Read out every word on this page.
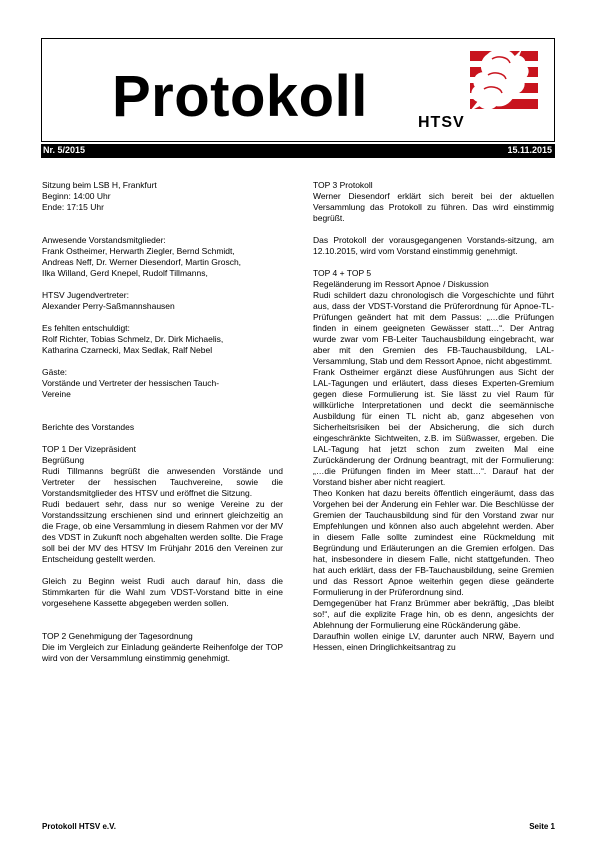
Protokoll	HTSV
Nr. 5/2015	15.11.2015

Sitzung beim LSB H, Frankfurt

Beginn: 14:00 Uhr

Ende: 17:15 Uhr

Anwesende Vorstandsmitglieder:

Frank Ostheimer, Herwarth Ziegler, Bernd Schmidt,

Andreas Neff, Dr. Werner Diesendorf, Martin Grosch,

Ilka Willand, Gerd Knepel, Rudolf Tillmanns,

HTSV Jugendvertreter:

Alexander Perry-Saßmannshausen

Es fehlten entschuldigt:

Rolf Richter, Tobias Schmelz, Dr. Dirk Michaelis,

Katharina Czarnecki, Max Sedlak, Ralf Nebel

Gäste:

Vorstände und Vertreter der hessischen Tauch-

Vereine

Berichte des Vorstandes

TOP 1 Der Vizepräsident

Begrüßung

Rudi Tillmanns begrüßt die anwesenden Vorstände und Vertreter der hessischen Tauchvereine, sowie die Vorstandsmitglieder des HTSV und eröffnet die Sitzung.

Rudi bedauert sehr, dass nur so wenige Vereine zu der Vorstandssitzung erschienen sind und erinnert gleichzeitig an die Frage, ob eine Versammlung in diesem Rahmen vor der MV des VDST in Zukunft noch abgehalten werden sollte. Die Frage soll bei der MV des HTSV Im Frühjahr 2016 den Vereinen zur Entscheidung gestellt werden.

Gleich zu Beginn weist Rudi auch darauf hin, dass die Stimmkarten für die Wahl zum VDST-Vorstand bitte in eine vorgesehene Kassette abgegeben werden sollen.

TOP 2 Genehmigung der Tagesordnung

Die im Vergleich zur Einladung geänderte Reihenfolge der TOP wird von der Versammlung einstimmig genehmigt.

TOP 3 Protokoll

Werner Diesendorf erklärt sich bereit bei der aktuellen Versammlung das Protokoll zu führen. Das wird einstimmig begrüßt.

Das Protokoll der vorausgegangenen Vorstands-sitzung, am 12.10.2015, wird vom Vorstand einstimmig genehmigt.

TOP 4 + TOP 5

Regeländerung im Ressort Apnoe / Diskussion

Rudi schildert dazu chronologisch die Vorgeschichte und führt aus, dass der VDST-Vorstand die Prüferordnung für Apnoe-TL-Prüfungen geändert hat mit dem Passus: „…die Prüfungen finden in einem geeigneten Gewässer statt…“. Der Antrag wurde zwar vom FB-Leiter Tauchausbildung eingebracht, war aber mit den Gremien des FB-Tauchausbildung, LAL-Versammlung, Stab und dem Ressort Apnoe, nicht abgestimmt.

Frank Ostheimer ergänzt diese Ausführungen aus Sicht der LAL-Tagungen und erläutert, dass dieses Experten-Gremium gegen diese Formulierung ist. Sie lässt zu viel Raum für willkürliche Interpretationen und deckt die seemännische Ausbildung für einen TL nicht ab, ganz abgesehen von Sicherheitsrisiken bei der Absicherung, die sich durch eingeschränkte Sichtweiten, z.B. im Süßwasser, ergeben. Die LAL-Tagung hat jetzt schon zum zweiten Mal eine Zurückänderung der Ordnung beantragt, mit der Formulierung: „…die Prüfungen finden im Meer statt…“. Darauf hat der Vorstand bisher aber nicht reagiert.

Theo Konken hat dazu bereits öffentlich eingeräumt, dass das Vorgehen bei der Änderung ein Fehler war. Die Beschlüsse der Gremien der Tauchausbildung sind für den Vorstand zwar nur Empfehlungen und können also auch abgelehnt werden. Aber in diesem Falle sollte zumindest eine Rückmeldung mit Begründung und Erläuterungen an die Gremien erfolgen. Das hat, insbesondere in diesem Falle, nicht stattgefunden. Theo hat auch erklärt, dass der FB-Tauchausbildung, seine Gremien und das Ressort Apnoe weiterhin gegen diese geänderte Formulierung in der Prüferordnung sind.

Demgegenüber hat Franz Brümmer aber bekräftig, „Das bleibt so!“, auf die explizite Frage hin, ob es denn, angesichts der Ablehnung der Formulierung eine Rückänderung gäbe.

Daraufhin wollen einige LV, darunter auch NRW, Bayern und Hessen, einen Dringlichkeitsantrag zu

Protokoll HTSV e.V.	Seite 1
